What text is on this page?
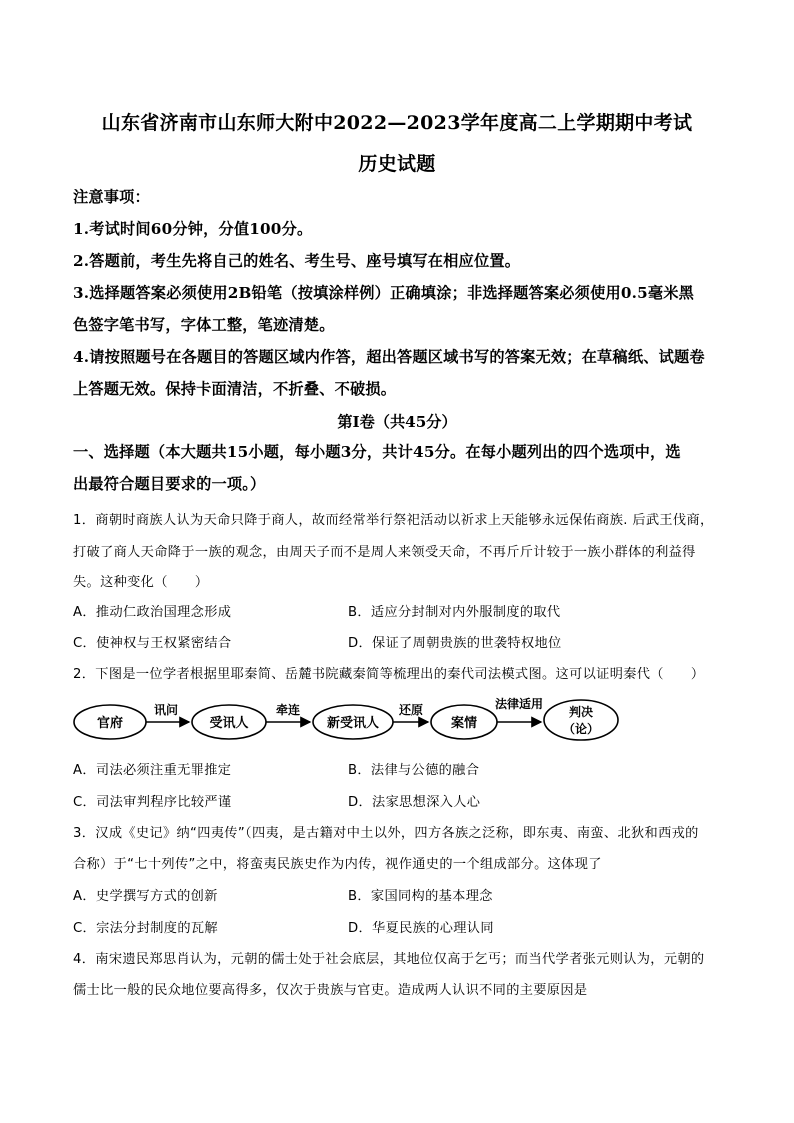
山东省济南市山东师大附中2022—2023学年度高二上学期期中考试
历史试题
注意事项：
1.考试时间60分钟，分值100分。
2.答题前，考生先将自己的姓名、考生号、座号填写在相应位置。
3.选择题答案必须使用2B铅笔（按填涂样例）正确填涂；非选择题答案必须使用0.5毫米黑
色签字笔书写，字体工整，笔迹清楚。
4.请按照题号在各题目的答题区域内作答，超出答题区域书写的答案无效；在草稿纸、试题卷
上答题无效。保持卡面清洁，不折叠、不破损。
第Ⅰ卷（共45分）
一、选择题（本大题共15小题，每小题3分，共计45分。在每小题列出的四个选项中，选
出最符合题目要求的一项。）
1．商朝时商族人认为天命只降于商人，故而经常举行祭祀活动以祈求上天能够永远保佑商族. 后武王伐商，
打破了商人天命降于一族的观念，由周天子而不是周人来领受天命，不再斤斤计较于一族小群体的利益得
失。这种变化（　　）
A．推动仁政治国理念形成	B．适应分封制对内外服制度的取代
C．使神权与王权紧密结合	D．保证了周朝贵族的世袭特权地位
2．下图是一位学者根据里耶秦简、岳麓书院藏秦简等梳理出的秦代司法模式图。这可以证明秦代（　　）
官府	受讯人	新受讯人	案情
判决
（论）
讯问	牵连	还原	法律适用
A．司法必须注重无罪推定	B．法律与公德的融合
C．司法审判程序比较严谨	D．法家思想深入人心
3．汉成《史记》纳“四夷传”（四夷，是古籍对中土以外，四方各族之泛称，即东夷、南蛮、北狄和西戎的
合称）于“七十列传”之中，将蛮夷民族史作为内传，视作通史的一个组成部分。这体现了
A．史学撰写方式的创新	B．家国同构的基本理念
C．宗法分封制度的瓦解	D．华夏民族的心理认同
4．南宋遗民郑思肖认为，元朝的儒士处于社会底层，其地位仅高于乞丐；而当代学者张元则认为，元朝的
儒士比一般的民众地位要高得多，仅次于贵族与官吏。造成两人认识不同的主要原因是
